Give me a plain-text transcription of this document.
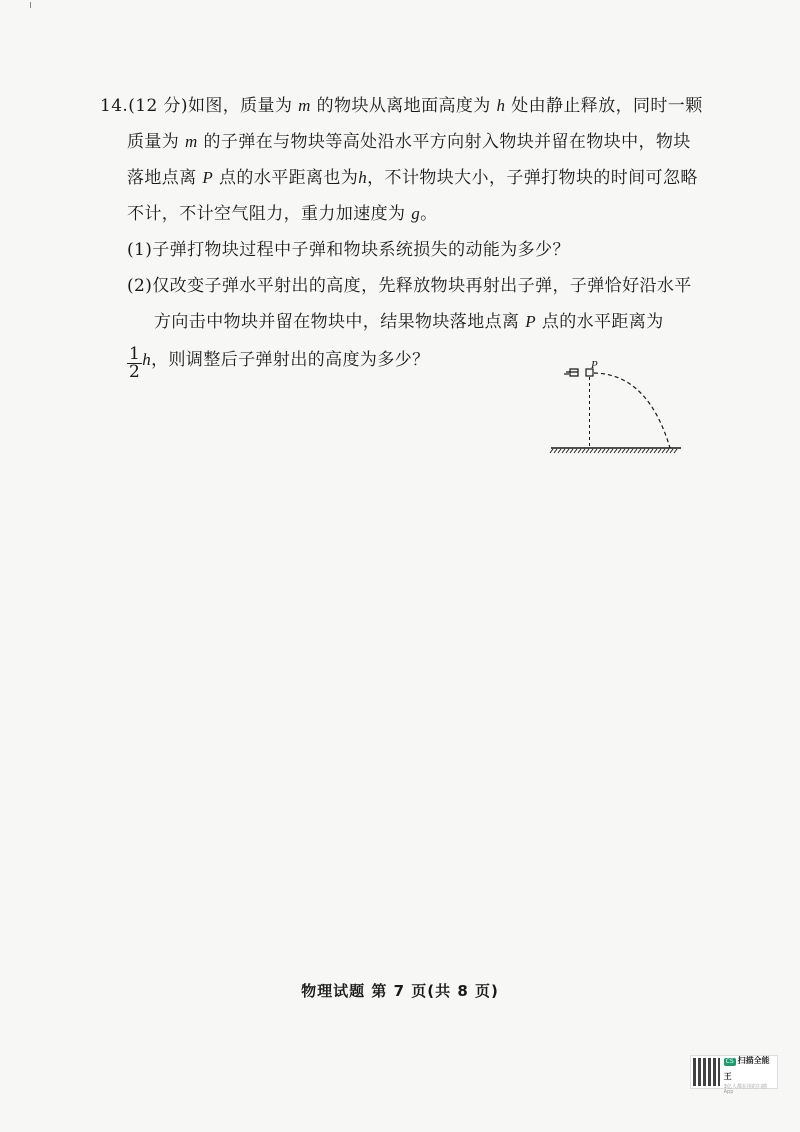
14.(12 分)如图，质量为 m 的物块从离地面高度为 h 处由静止释放，同时一颗
质量为 m 的子弹在与物块等高处沿水平方向射入物块并留在物块中，物块
落地点离 P 点的水平距离也为h，不计物块大小，子弹打物块的时间可忽略
不计，不计空气阻力，重力加速度为 g。
(1)子弹打物块过程中子弹和物块系统损失的动能为多少？
(2)仅改变子弹水平射出的高度，先释放物块再射出子弹，子弹恰好沿水平
方向击中物块并留在物块中，结果物块落地点离 P 点的水平距离为
$\frac{1}{2}$ h，则调整后子弹射出的高度为多少？	P
物理试题 第 7 页(共 8 页)
CS 扫描全能王
3亿人都在用的扫描App
